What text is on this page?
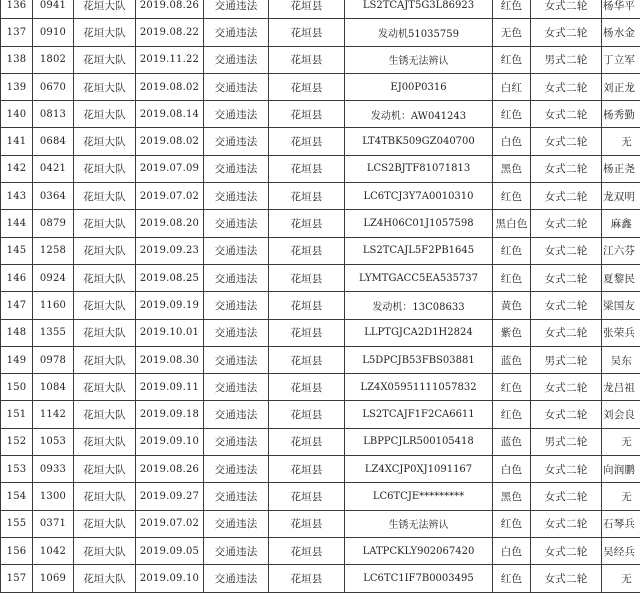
136	0941	花垣大队	2019.08.26	交通违法	花垣县	LS2TCAJT5G3L86923	红色	女式二轮	杨华平
137	0910	花垣大队	2019.08.22	交通违法	花垣县	发动机51035759	无色	女式二轮	杨水金
138	1802	花垣大队	2019.11.22	交通违法	花垣县	生锈无法辨认	红色	男式二轮	丁立军
139	0670	花垣大队	2019.08.02	交通违法	花垣县	EJ00P0316	白红	女式二轮	刘正龙
140	0813	花垣大队	2019.08.14	交通违法	花垣县	发动机：AW041243	红色	女式二轮	杨秀勤
141	0684	花垣大队	2019.08.02	交通违法	花垣县	LT4TBK509GZ040700	白色	女式二轮	无
142	0421	花垣大队	2019.07.09	交通违法	花垣县	LCS2BJTF81071813	黑色	女式二轮	杨正尧
143	0364	花垣大队	2019.07.02	交通违法	花垣县	LC6TCJ3Y7A0010310	红色	女式二轮	龙双明
144	0879	花垣大队	2019.08.20	交通违法	花垣县	LZ4H06C01J1057598	黑白色	女式二轮	麻鑫
145	1258	花垣大队	2019.09.23	交通违法	花垣县	LS2TCAJL5F2PB1645	红色	女式二轮	江六芬
146	0924	花垣大队	2019.08.25	交通违法	花垣县	LYMTGACC5EA535737	红色	女式二轮	夏黎民
147	1160	花垣大队	2019.09.19	交通违法	花垣县	发动机：13C08633	黄色	女式二轮	梁国友
148	1355	花垣大队	2019.10.01	交通违法	花垣县	LLPTGJCA2D1H2824	紫色	女式二轮	张荣兵
149	0978	花垣大队	2019.08.30	交通违法	花垣县	L5DPCJB53FBS03881	蓝色	男式二轮	吴东
150	1084	花垣大队	2019.09.11	交通违法	花垣县	LZ4X05951111057832	红色	女式二轮	龙吕祖
151	1142	花垣大队	2019.09.18	交通违法	花垣县	LS2TCAJF1F2CA6611	红色	女式二轮	刘会良
152	1053	花垣大队	2019.09.10	交通违法	花垣县	LBPPCJLR500105418	蓝色	男式二轮	无
153	0933	花垣大队	2019.08.26	交通违法	花垣县	LZ4XCJP0XJ1091167	白色	女式二轮	向润鹏
154	1300	花垣大队	2019.09.27	交通违法	花垣县	LC6TCJE*********	黑色	女式二轮	无
155	0371	花垣大队	2019.07.02	交通违法	花垣县	生锈无法辨认	红色	女式二轮	石琴兵
156	1042	花垣大队	2019.09.05	交通违法	花垣县	LATPCKLY902067420	白色	女式二轮	吴经兵
157	1069	花垣大队	2019.09.10	交通违法	花垣县	LC6TC1IF7B0003495	红色	女式二轮	无
